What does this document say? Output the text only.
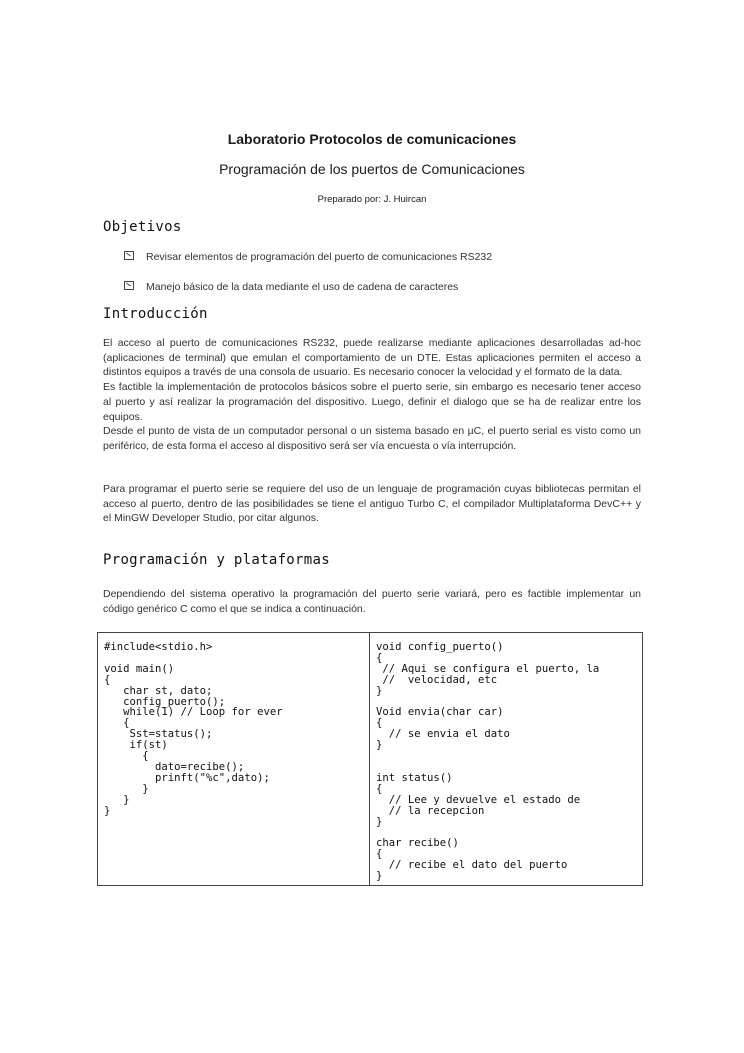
Laboratorio Protocolos de comunicaciones
Programación de los puertos de Comunicaciones
Preparado por: J. Huircan
Objetivos
Revisar elementos de programación del puerto de comunicaciones RS232
Manejo básico de la data mediante el uso de cadena de caracteres
Introducción

El acceso al puerto de comunicaciones RS232, puede realizarse mediante aplicaciones desarrolladas ad-hoc (aplicaciones de terminal) que emulan el comportamiento de un DTE. Estas aplicaciones permiten el acceso a distintos equipos a través de una consola de usuario. Es necesario conocer la velocidad y el formato de la data.
Es factible la implementación de protocolos básicos sobre el puerto serie, sin embargo es necesario tener acceso al puerto y así realizar la programación del dispositivo. Luego, definir el dialogo que se ha de realizar entre los equipos.
Desde el punto de vista de un computador personal o un sistema basado en µC, el puerto serial es visto como un periférico, de esta forma el acceso al dispositivo será ser vía encuesta o vía interrupción.

Para programar el puerto serie se requiere del uso de un lenguaje de programación cuyas bibliotecas permitan el acceso al puerto, dentro de las posibilidades se tiene el antiguo Turbo C, el compilador Multiplataforma DevC++ y el MinGW Developer Studio, por citar algunos.

Programación y plataformas

Dependiendo del sistema operativo la programación del puerto serie variará, pero es factible implementar un código genérico C como el que se indica a continuación.

#include<stdio.h>

void main()
{
char st, dato;
config_puerto();
while(1) // Loop for ever
{
Sst=status();
if(st)
{
dato=recibe();
prinft("%c",dato);
}
}
}
void config_puerto()
{
// Aqui se configura el puerto, la
//  velocidad, etc
}

Void envia(char car)
{
// se envia el dato
}

int status()
{
// Lee y devuelve el estado de
// la recepcion
}

char recibe()
{
// recibe el dato del puerto
}
